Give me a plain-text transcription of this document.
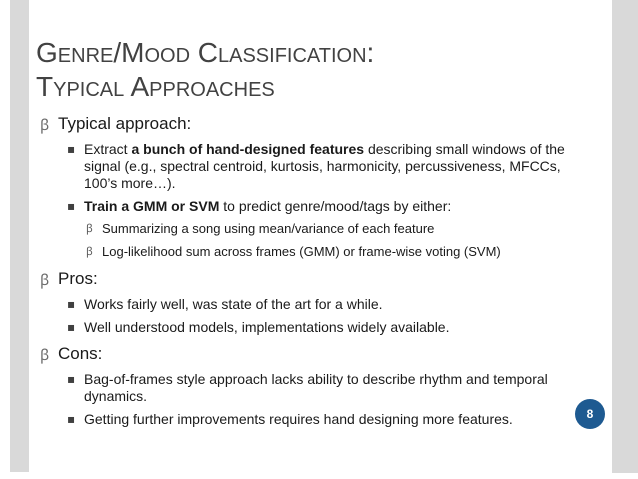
Genre/Mood Classification:
Typical Approaches
ꞵ Typical approach:
▪ Extract a bunch of hand-designed features describing small windows of the signal (e.g., spectral centroid, kurtosis, harmonicity, percussiveness, MFCCs, 100’s more…).
▪ Train a GMM or SVM to predict genre/mood/tags by either:
ꞵ Summarizing a song using mean/variance of each feature
ꞵ Log-likelihood sum across frames (GMM) or frame-wise voting (SVM)
ꞵ Pros:
▪ Works fairly well, was state of the art for a while.
▪ Well understood models, implementations widely available.
ꞵ Cons:
▪ Bag-of-frames style approach lacks ability to describe rhythm and temporal dynamics.
▪ Getting further improvements requires hand designing more features.	8
